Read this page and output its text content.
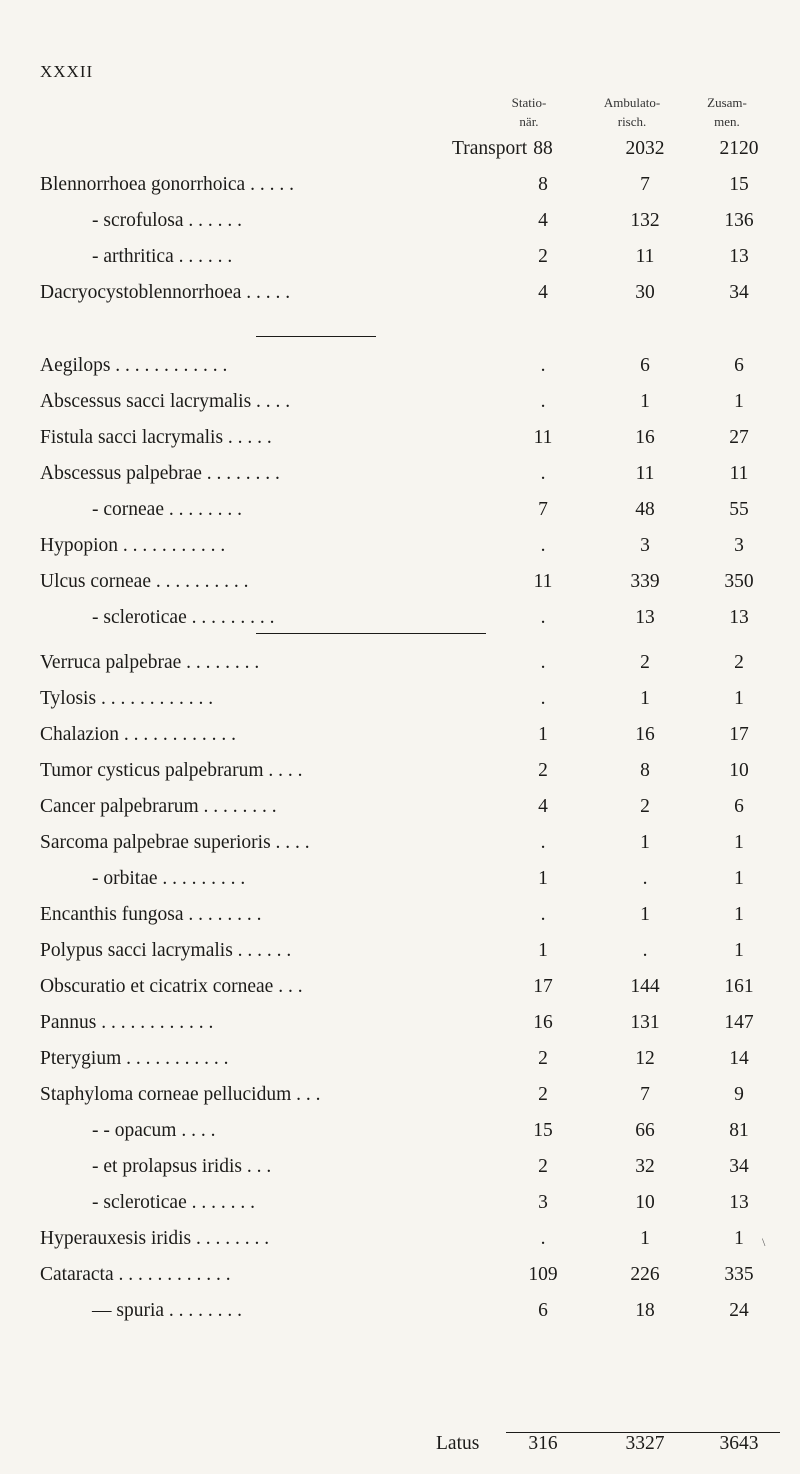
XXXII
Statio-
när.
Ambulato-
risch.
Zusam-
men.
Transport 88	2032	2120
Blennorrhoea gonorrhoica . . . . .	8	7	15
- scrofulosa . . . . . .	4	132	136
- arthritica . . . . . .	2	11	13
Dacryocystoblennorrhoea . . . . .	4	30	34
Aegilops . . . . . . . . . . . .	.	6	6
Abscessus sacci lacrymalis . . . .	.	1	1
Fistula sacci lacrymalis . . . . .	11	16	27
Abscessus palpebrae . . . . . . . .	.	11	11
- corneae . . . . . . . .	7	48	55
Hypopion . . . . . . . . . . .	.	3	3
Ulcus corneae . . . . . . . . . .	11	339	350
- scleroticae . . . . . . . . .	.	13	13
Verruca palpebrae . . . . . . . .	.	2	2
Tylosis . . . . . . . . . . . .	.	1	1
Chalazion . . . . . . . . . . . .	1	16	17
Tumor cysticus palpebrarum . . . .	2	8	10
Cancer palpebrarum . . . . . . . .	4	2	6
Sarcoma palpebrae superioris . . . .	.	1	1
- orbitae . . . . . . . . .	1	.	1
Encanthis fungosa . . . . . . . .	.	1	1
Polypus sacci lacrymalis . . . . . .	1	.	1
Obscuratio et cicatrix corneae . . .	17	144	161
Pannus . . . . . . . . . . . .	16	131	147
Pterygium . . . . . . . . . . .	2	12	14
Staphyloma corneae pellucidum . . .	2	7	9
- - opacum . . . .	15	66	81
- et prolapsus iridis . . .	2	32	34
- scleroticae . . . . . . .	3	10	13
Hyperauxesis iridis . . . . . . . .	.	1	1
Cataracta . . . . . . . . . . . .	109	226	335
— spuria . . . . . . . .	6	18	24
Latus	316	3327	3643
\
